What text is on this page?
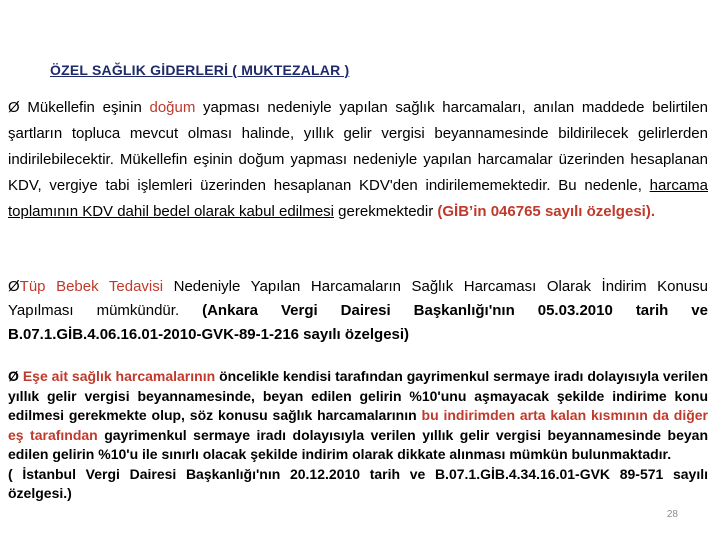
ÖZEL SAĞLIK GİDERLERİ ( MUKTEZALAR )
Ø Mükellefin eşinin doğum yapması nedeniyle yapılan sağlık harcamaları, anılan maddede belirtilen şartların topluca mevcut olması halinde, yıllık gelir vergisi beyannamesinde bildirilecek gelirlerden indirilebilecektir. Mükellefin eşinin doğum yapması nedeniyle yapılan harcamalar üzerinden hesaplanan KDV, vergiye tabi işlemleri üzerinden hesaplanan KDV'den indirilememektedir. Bu nedenle, harcama toplamının KDV dahil bedel olarak kabul edilmesi gerekmektedir (GİB’in 046765 sayılı özelgesi).
ØTüp Bebek Tedavisi Nedeniyle Yapılan Harcamaların Sağlık Harcaması Olarak İndirim Konusu Yapılması mümkündür. (Ankara Vergi Dairesi Başkanlığı'nın 05.03.2010 tarih ve B.07.1.GİB.4.06.16.01-2010-GVK-89-1-216 sayılı özelgesi)
Ø Eşe ait sağlık harcamalarının öncelikle kendisi tarafından gayrimenkul sermaye iradı dolayısıyla verilen yıllık gelir vergisi beyannamesinde, beyan edilen gelirin %10'unu aşmayacak şekilde indirime konu edilmesi gerekmekte olup, söz konusu sağlık harcamalarının bu indirimden arta kalan kısmının da diğer eş tarafından gayrimenkul sermaye iradı dolayısıyla verilen yıllık gelir vergisi beyannamesinde beyan edilen gelirin %10'u ile sınırlı olacak şekilde indirim olarak dikkate alınması mümkün bulunmaktadır.
( İstanbul Vergi Dairesi Başkanlığı'nın 20.12.2010 tarih ve B.07.1.GİB.4.34.16.01-GVK 89-571 sayılı özelgesi.)
28
